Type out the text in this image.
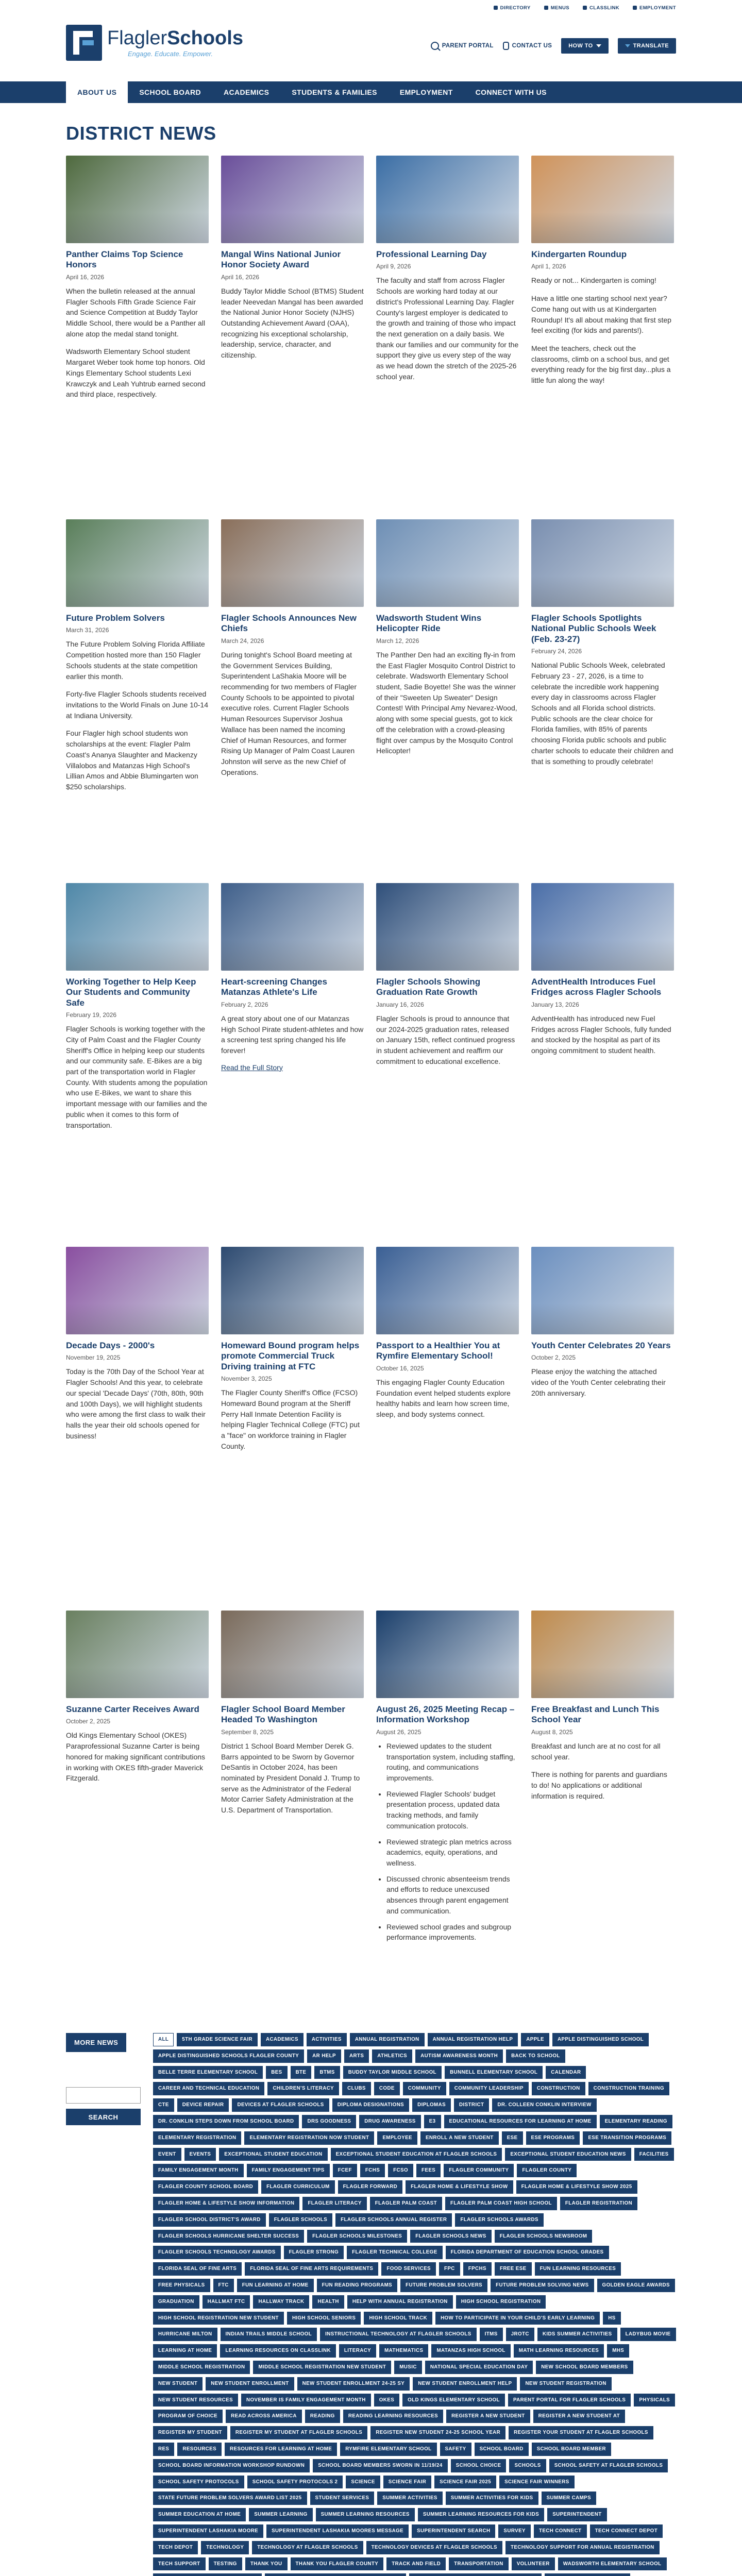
DIRECTORY	MENUS	CLASSLINK	EMPLOYMENT
FlaglerSchools
Engage. Educate. Empower.
PARENT PORTAL	CONTACT US	HOW TO	TRANSLATE
ABOUT US	SCHOOL BOARD	ACADEMICS	STUDENTS & FAMILIES	EMPLOYMENT	CONNECT WITH US
DISTRICT NEWS
Panther Claims Top Science Honors
April 16, 2026

When the bulletin released at the annual Flagler Schools Fifth Grade Science Fair and Science Competition at Buddy Taylor Middle School, there would be a Panther all alone atop the medal stand tonight.

Wadsworth Elementary School student Margaret Weber took home top honors. Old Kings Elementary School students Lexi Krawczyk and Leah Yuhtrub earned second and third place, respectively.

Mangal Wins National Junior Honor Society Award
April 16, 2026

Buddy Taylor Middle School (BTMS) Student leader Neevedan Mangal has been awarded the National Junior Honor Society (NJHS) Outstanding Achievement Award (OAA), recognizing his exceptional scholarship, leadership, service, character, and citizenship.

Professional Learning Day
April 9, 2026

The faculty and staff from across Flagler Schools are working hard today at our district's Professional Learning Day. Flagler County's largest employer is dedicated to the growth and training of those who impact the next generation on a daily basis. We thank our families and our community for the support they give us every step of the way as we head down the stretch of the 2025-26 school year.

Kindergarten Roundup
April 1, 2026

Ready or not... Kindergarten is coming!

Have a little one starting school next year? Come hang out with us at Kindergarten Roundup! It's all about making that first step feel exciting (for kids and parents!).

Meet the teachers, check out the classrooms, climb on a school bus, and get everything ready for the big first day...plus a little fun along the way!

Future Problem Solvers
March 31, 2026

The Future Problem Solving Florida Affiliate Competition hosted more than 150 Flagler Schools students at the state competition earlier this month.

Forty-five Flagler Schools students received invitations to the World Finals on June 10-14 at Indiana University.

Four Flagler high school students won scholarships at the event: Flagler Palm Coast's Ananya Slaughter and Mackenzy Villalobos and Matanzas High School's Lillian Amos and Abbie Blumingarten won $250 scholarships.

Flagler Schools Announces New Chiefs
March 24, 2026

During tonight's School Board meeting at the Government Services Building, Superintendent LaShakia Moore will be recommending for two members of Flagler County Schools to be appointed to pivotal executive roles. Current Flagler Schools Human Resources Supervisor Joshua Wallace has been named the incoming Chief of Human Resources, and former Rising Up Manager of Palm Coast Lauren Johnston will serve as the new Chief of Operations.

Wadsworth Student Wins Helicopter Ride
March 12, 2026

The Panther Den had an exciting fly-in from the East Flagler Mosquito Control District to celebrate. Wadsworth Elementary School student, Sadie Boyette! She was the winner of their "Sweeten Up Sweater" Design Contest! With Principal Amy Nevarez-Wood, along with some special guests, got to kick off the celebration with a crowd-pleasing flight over campus by the Mosquito Control Helicopter!

Flagler Schools Spotlights National Public Schools Week (Feb. 23-27)
February 24, 2026

National Public Schools Week, celebrated February 23 - 27, 2026, is a time to celebrate the incredible work happening every day in classrooms across Flagler Schools and all Florida school districts. Public schools are the clear choice for Florida families, with 85% of parents choosing Florida public schools and public charter schools to educate their children and that is something to proudly celebrate!

Working Together to Help Keep Our Students and Community Safe
February 19, 2026

Flagler Schools is working together with the City of Palm Coast and the Flagler County Sheriff's Office in helping keep our students and our community safe. E-Bikes are a big part of the transportation world in Flagler County. With students among the population who use E-Bikes, we want to share this important message with our families and the public when it comes to this form of transportation.

Heart-screening Changes Matanzas Athlete's Life
February 2, 2026

A great story about one of our Matanzas High School Pirate student-athletes and how a screening test spring changed his life forever!

Read the Full Story
Flagler Schools Showing Graduation Rate Growth
January 16, 2026

Flagler Schools is proud to announce that our 2024-2025 graduation rates, released on January 15th, reflect continued progress in student achievement and reaffirm our commitment to educational excellence.

AdventHealth Introduces Fuel Fridges across Flagler Schools
January 13, 2026

AdventHealth has introduced new Fuel Fridges across Flagler Schools, fully funded and stocked by the hospital as part of its ongoing commitment to student health.

Decade Days - 2000's
November 19, 2025

Today is the 70th Day of the School Year at Flagler Schools! And this year, to celebrate our special 'Decade Days' (70th, 80th, 90th and 100th Days), we will highlight students who were among the first class to walk their halls the year their old schools opened for business!

Homeward Bound program helps promote Commercial Truck Driving training at FTC
November 3, 2025

The Flagler County Sheriff's Office (FCSO) Homeward Bound program at the Sheriff Perry Hall Inmate Detention Facility is helping Flagler Technical College (FTC) put a "face" on workforce training in Flagler County.

Passport to a Healthier You at Rymfire Elementary School!
October 16, 2025

This engaging Flagler County Education Foundation event helped students explore healthy habits and learn how screen time, sleep, and body systems connect.

Youth Center Celebrates 20 Years
October 2, 2025

Please enjoy the watching the attached video of the Youth Center celebrating their 20th anniversary.

Suzanne Carter Receives Award
October 2, 2025

Old Kings Elementary School (OKES) Paraprofessional Suzanne Carter is being honored for making significant contributions in working with OKES fifth-grader Maverick Fitzgerald.

Flagler School Board Member Headed To Washington
September 8, 2025

District 1 School Board Member Derek G. Barrs appointed to be Sworn by Governor DeSantis in October 2024, has been nominated by President Donald J. Trump to serve as the Administrator of the Federal Motor Carrier Safety Administration at the U.S. Department of Transportation.

August 26, 2025 Meeting Recap – Information Workshop
August 26, 2025
• Reviewed updates to the student transportation system, including staffing, routing, and communications improvements.
• Reviewed Flagler Schools' budget presentation process, updated data tracking methods, and family communication protocols.
• Reviewed strategic plan metrics across academics, equity, operations, and wellness.
• Discussed chronic absenteeism trends and efforts to reduce unexcused absences through parent engagement and communication.
• Reviewed school grades and subgroup performance improvements.
Free Breakfast and Lunch This School Year
August 8, 2025

Breakfast and lunch are at no cost for all school year.

There is nothing for parents and guardians to do! No applications or additional information is required.

MORE NEWS
SEARCH
ALL	5TH GRADE SCIENCE FAIR	ACADEMICS	ACTIVITIES	ANNUAL REGISTRATION	ANNUAL REGISTRATION HELP	APPLE	APPLE DISTINGUISHED SCHOOL
APPLE DISTINGUISHED SCHOOLS FLAGLER COUNTY	AR HELP	ARTS	ATHLETICS	AUTISM AWARENESS MONTH	BACK TO SCHOOL
BELLE TERRE ELEMENTARY SCHOOL	BES	BTE	BTMS	BUDDY TAYLOR MIDDLE SCHOOL	BUNNELL ELEMENTARY SCHOOL	CALENDAR
CAREER AND TECHNICAL EDUCATION	CHILDREN'S LITERACY	CLUBS	CODE	COMMUNITY	COMMUNITY LEADERSHIP	CONSTRUCTION	CONSTRUCTION TRAINING
CTE	DEVICE REPAIR	DEVICES AT FLAGLER SCHOOLS	DIPLOMA DESIGNATIONS	DIPLOMAS	DISTRICT	DR. COLLEEN CONKLIN INTERVIEW
DR. CONKLIN STEPS DOWN FROM SCHOOL BOARD	DRS GOODNESS	DRUG AWARENESS	E3	EDUCATIONAL RESOURCES FOR LEARNING AT HOME	ELEMENTARY READING
ELEMENTARY REGISTRATION	ELEMENTARY REGISTRATION NOW STUDENT	EMPLOYEE	ENROLL A NEW STUDENT	ESE	ESE PROGRAMS	ESE TRANSITION PROGRAMS
EVENT	EVENTS	EXCEPTIONAL STUDENT EDUCATION	EXCEPTIONAL STUDENT EDUCATION AT FLAGLER SCHOOLS	EXCEPTIONAL STUDENT EDUCATION NEWS	FACILITIES
FAMILY ENGAGEMENT MONTH	FAMILY ENGAGEMENT TIPS	FCEF	FCHS	FCSO	FEES	FLAGLER COMMUNITY	FLAGLER COUNTY
FLAGLER COUNTY SCHOOL BOARD	FLAGLER CURRICULUM	FLAGLER FORWARD	FLAGLER HOME & LIFESTYLE SHOW	FLAGLER HOME & LIFESTYLE SHOW 2025
FLAGLER HOME & LIFESTYLE SHOW INFORMATION	FLAGLER LITERACY	FLAGLER PALM COAST	FLAGLER PALM COAST HIGH SCHOOL	FLAGLER REGISTRATION
FLAGLER SCHOOL DISTRICT'S AWARD	FLAGLER SCHOOLS	FLAGLER SCHOOLS ANNUAL REGISTER	FLAGLER SCHOOLS AWARDS
FLAGLER SCHOOLS HURRICANE SHELTER SUCCESS	FLAGLER SCHOOLS MILESTONES	FLAGLER SCHOOLS NEWS	FLAGLER SCHOOLS NEWSROOM
FLAGLER SCHOOLS TECHNOLOGY AWARDS	FLAGLER STRONG	FLAGLER TECHNICAL COLLEGE	FLORIDA DEPARTMENT OF EDUCATION SCHOOL GRADES
FLORIDA SEAL OF FINE ARTS	FLORIDA SEAL OF FINE ARTS REQUIREMENTS	FOOD SERVICES	FPC	FPCHS	FREE ESE	FUN LEARNING RESOURCES
FREE PHYSICALS	FTC	FUN LEARNING AT HOME	FUN READING PROGRAMS	FUTURE PROBLEM SOLVERS	FUTURE PROBLEM SOLVING NEWS	GOLDEN EAGLE AWARDS
GRADUATION	HALLMAT FTC	HALLWAY TRACK	HEALTH	HELP WITH ANNUAL REGISTRATION	HIGH SCHOOL REGISTRATION
HIGH SCHOOL REGISTRATION NEW STUDENT	HIGH SCHOOL SENIORS	HIGH SCHOOL TRACK	HOW TO PARTICIPATE IN YOUR CHILD'S EARLY LEARNING	HS
HURRICANE MILTON	INDIAN TRAILS MIDDLE SCHOOL	INSTRUCTIONAL TECHNOLOGY AT FLAGLER SCHOOLS	ITMS	JROTC	KIDS SUMMER ACTIVITIES	LADYBUG MOVIE
LEARNING AT HOME	LEARNING RESOURCES ON CLASSLINK	LITERACY	MATHEMATICS	MATANZAS HIGH SCHOOL	MATH LEARNING RESOURCES	MHS
MIDDLE SCHOOL REGISTRATION	MIDDLE SCHOOL REGISTRATION NEW STUDENT	MUSIC	NATIONAL SPECIAL EDUCATION DAY	NEW SCHOOL BOARD MEMBERS
NEW STUDENT	NEW STUDENT ENROLLMENT	NEW STUDENT ENROLLMENT 24-25 SY	NEW STUDENT ENROLLMENT HELP	NEW STUDENT REGISTRATION
NEW STUDENT RESOURCES	NOVEMBER IS FAMILY ENGAGEMENT MONTH	OKES	OLD KINGS ELEMENTARY SCHOOL	PARENT PORTAL FOR FLAGLER SCHOOLS	PHYSICALS
PROGRAM OF CHOICE	READ ACROSS AMERICA	READING	READING LEARNING RESOURCES	REGISTER A NEW STUDENT	REGISTER A NEW STUDENT AT
REGISTER MY STUDENT	REGISTER MY STUDENT AT FLAGLER SCHOOLS	REGISTER NEW STUDENT 24-25 SCHOOL YEAR	REGISTER YOUR STUDENT AT FLAGLER SCHOOLS
RES	RESOURCES	RESOURCES FOR LEARNING AT HOME	RYMFIRE ELEMENTARY SCHOOL	SAFETY	SCHOOL BOARD	SCHOOL BOARD MEMBER
SCHOOL BOARD INFORMATION WORKSHOP RUNDOWN	SCHOOL BOARD MEMBERS SWORN IN 11/19/24	SCHOOL CHOICE	SCHOOLS	SCHOOL SAFETY AT FLAGLER SCHOOLS
SCHOOL SAFETY PROTOCOLS	SCHOOL SAFETY PROTOCOLS 2	SCIENCE	SCIENCE FAIR	SCIENCE FAIR 2025	SCIENCE FAIR WINNERS
STATE FUTURE PROBLEM SOLVERS AWARD LIST 2025	STUDENT SERVICES	SUMMER ACTIVITIES	SUMMER ACTIVITIES FOR KIDS	SUMMER CAMPS
SUMMER EDUCATION AT HOME	SUMMER LEARNING	SUMMER LEARNING RESOURCES	SUMMER LEARNING RESOURCES FOR KIDS	SUPERINTENDENT
SUPERINTENDENT LASHAKIA MOORE	SUPERINTENDENT LASHAKIA MOORES MESSAGE	SUPERINTENDENT SEARCH	SURVEY	TECH CONNECT	TECH CONNECT DEPOT
TECH DEPOT	TECHNOLOGY	TECHNOLOGY AT FLAGLER SCHOOLS	TECHNOLOGY DEVICES AT FLAGLER SCHOOLS	TECHNOLOGY SUPPORT FOR ANNUAL REGISTRATION
TECH SUPPORT	TESTING	THANK YOU	THANK YOU FLAGLER COUNTY	TRACK AND FIELD	TRANSPORTATION	VOLUNTEER	WADSWORTH ELEMENTARY SCHOOL
